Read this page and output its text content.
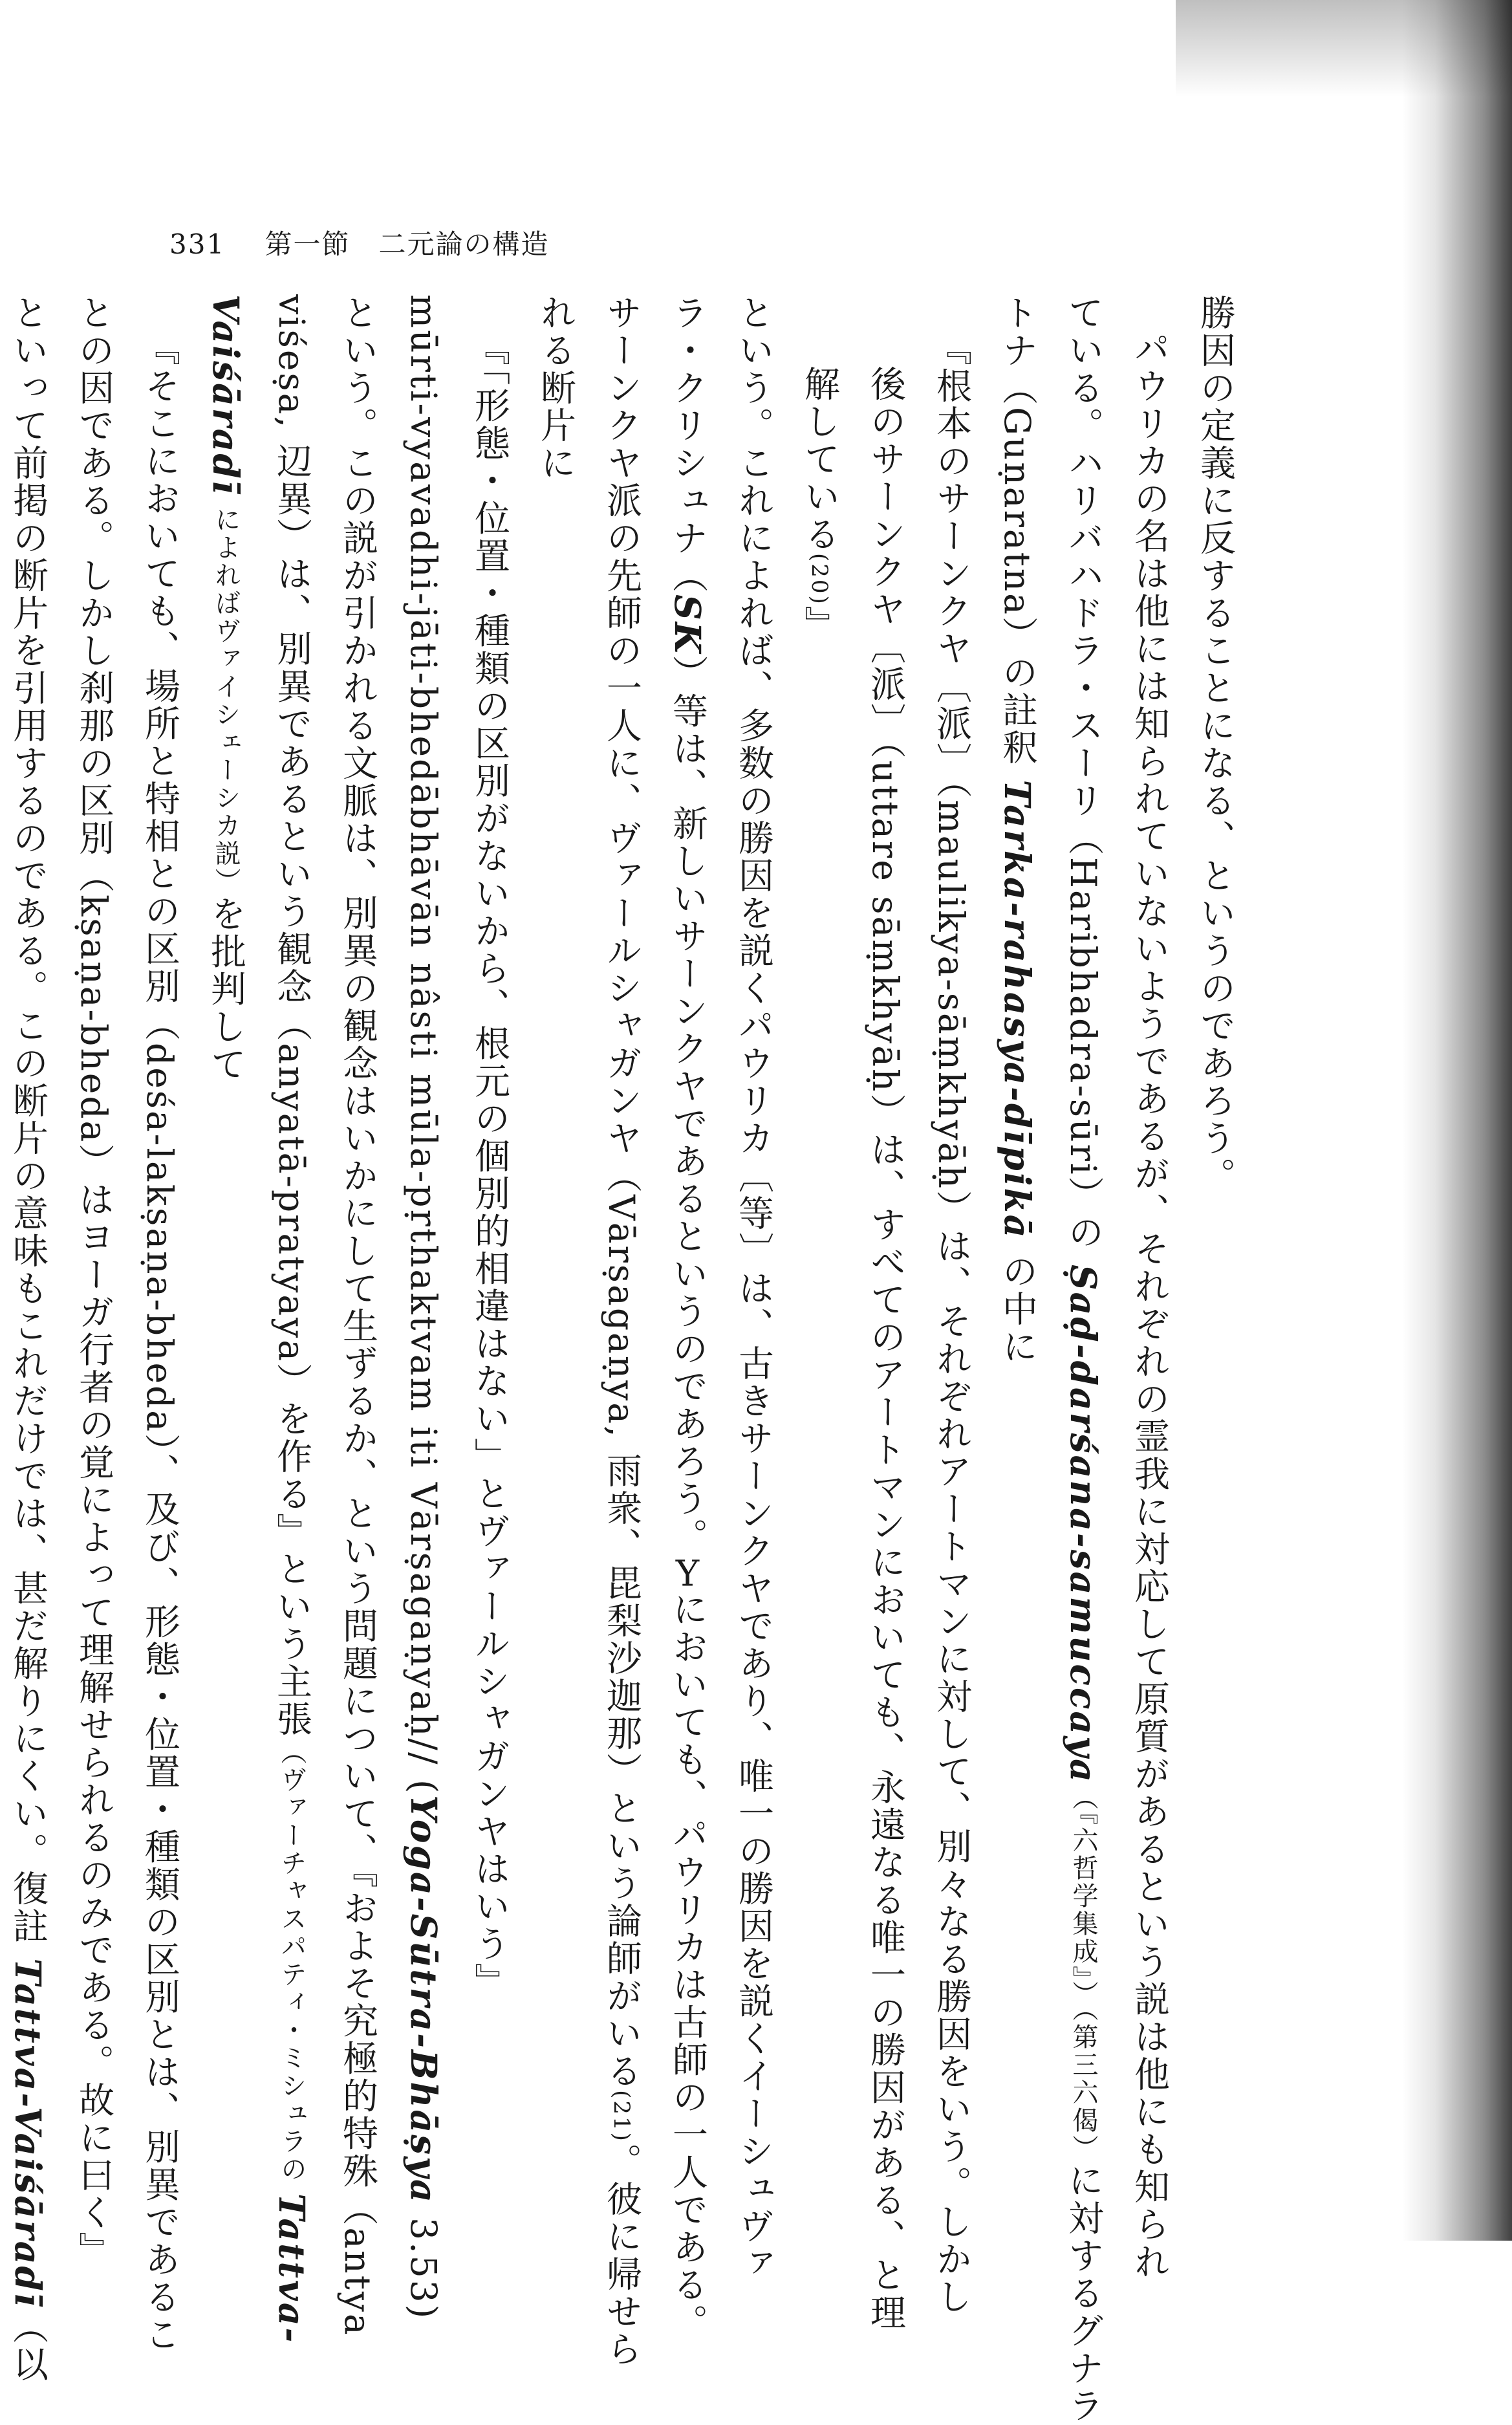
331 第一節　二元論の構造
勝因の定義に反することになる、というのであろう。
パウリカの名は他には知られていないようであるが、それぞれの霊我に対応して原質があるという説は他にも知られ
ている。ハリバハドラ・スーリ（Haribhadra-sūri）の Ṣaḍ-darśana-samuccaya（『六哲学集成』）（第三六偈）に対するグナラ
トナ（Guṇaratna）の註釈 Tarka-rahasya-dīpikā の中に
『根本のサーンクヤ〔派〕（maulikya-sāṃkhyāḥ）は、それぞれアートマンに対して、別々なる勝因をいう。しかし
後のサーンクヤ〔派〕（uttare sāṃkhyāḥ）は、すべてのアートマンにおいても、永遠なる唯一の勝因がある、と理
解している(20)』
という。これによれば、多数の勝因を説くパウリカ〔等〕は、古きサーンクヤであり、唯一の勝因を説くイーシュヴァ
ラ・クリシュナ（SK）等は、新しいサーンクヤであるというのであろう。Yにおいても、パウリカは古師の一人である。
サーンクヤ派の先師の一人に、ヴァールシャガンヤ（Vārṣagaṇya, 雨衆、毘梨沙迦那）という論師がいる(21)。彼に帰せら
れる断片に
『「形態・位置・種類の区別がないから、根元の個別的相違はない」とヴァールシャガンヤはいう』
mūrti-vyavadhi-jāti-bhedābhāvān nâsti mūla-pṛthaktvam iti Vārṣagaṇyaḥ// (Yoga-Sūtra-Bhāṣya 3.53)
という。この説が引かれる文脈は、別異の観念はいかにして生ずるか、という問題について、『およそ究極的特殊（antya
viśeṣa, 辺異）は、別異であるという観念（anyatā-pratyaya）を作る』という主張（ヴァーチャスパティ・ミシュラの Tattva-
Vaiśāradī によればヴァイシェーシカ説）を批判して
『そこにおいても、場所と特相との区別（deśa-lakṣaṇa-bheda）、及び、形態・位置・種類の区別とは、別異であるこ
との因である。しかし刹那の区別（kṣaṇa-bheda）はヨーガ行者の覚によって理解せられるのみである。故に曰く』
といって前掲の断片を引用するのである。この断片の意味もこれだけでは、甚だ解りにくい。復註 Tattva-Vaiśāradī（以
